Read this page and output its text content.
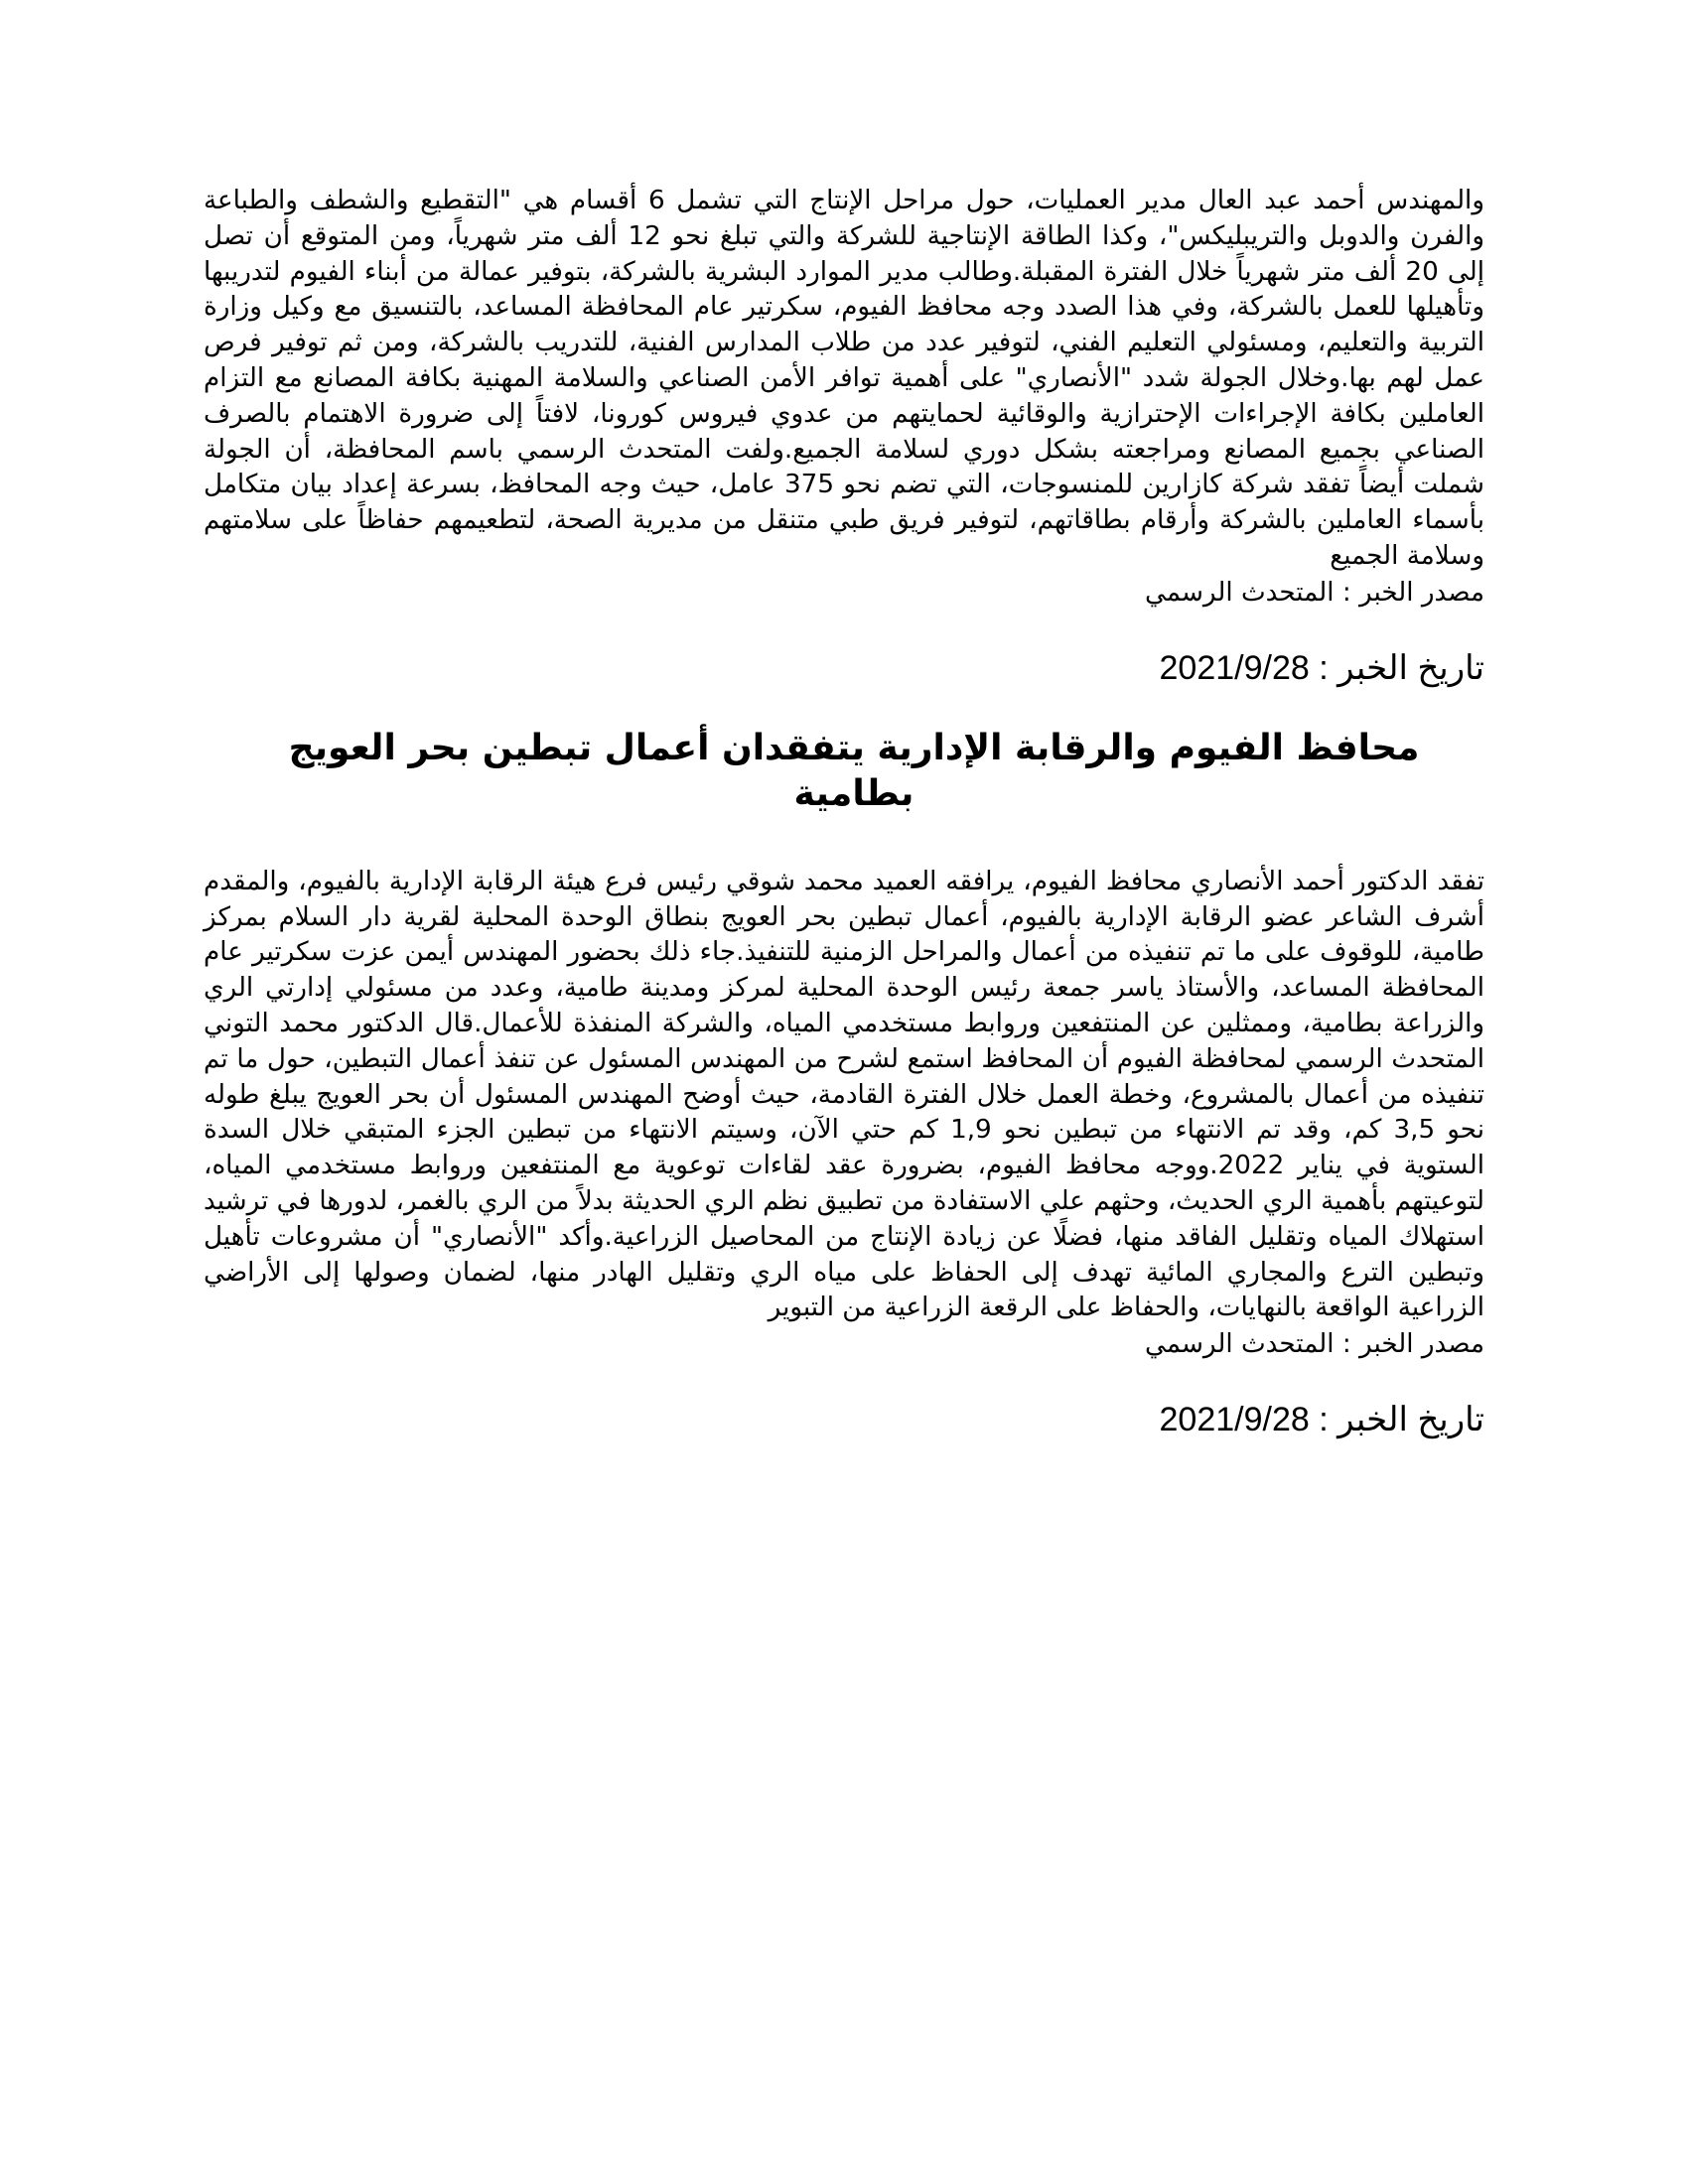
والمهندس أحمد عبد العال مدير العمليات، حول مراحل الإنتاج التي تشمل 6 أقسام هي "التقطيع والشطف والطباعة والفرن والدوبل والتريبليكس"، وكذا الطاقة الإنتاجية للشركة والتي تبلغ نحو 12 ألف متر شهرياً، ومن المتوقع أن تصل إلى 20 ألف متر شهرياً خلال الفترة المقبلة.وطالب مدير الموارد البشرية بالشركة، بتوفير عمالة من أبناء الفيوم لتدريبها وتأهيلها للعمل بالشركة، وفي هذا الصدد وجه محافظ الفيوم، سكرتير عام المحافظة المساعد، بالتنسيق مع وكيل وزارة التربية والتعليم، ومسئولي التعليم الفني، لتوفير عدد من طلاب المدارس الفنية، للتدريب بالشركة، ومن ثم توفير فرص عمل لهم بها.وخلال الجولة شدد "الأنصاري" على أهمية توافر الأمن الصناعي والسلامة المهنية بكافة المصانع مع التزام العاملين بكافة الإجراءات الإحترازية والوقائية لحمايتهم من عدوي فيروس كورونا، لافتاً إلى ضرورة الاهتمام بالصرف الصناعي بجميع المصانع ومراجعته بشكل دوري لسلامة الجميع.ولفت المتحدث الرسمي باسم المحافظة، أن الجولة شملت أيضاً تفقد شركة كازارين للمنسوجات، التي تضم نحو 375 عامل، حيث وجه المحافظ، بسرعة إعداد بيان متكامل بأسماء العاملين بالشركة وأرقام بطاقاتهم، لتوفير فريق طبي متنقل من مديرية الصحة، لتطعيمهم حفاظاً على سلامتهم وسلامة الجميع

مصدر الخبر : المتحدث الرسمي

تاريخ الخبر : 2021/9/28

محافظ الفيوم والرقابة الإدارية يتفقدان أعمال تبطين بحر العويج بطامية

تفقد الدكتور أحمد الأنصاري محافظ الفيوم، يرافقه العميد محمد شوقي رئيس فرع هيئة الرقابة الإدارية بالفيوم، والمقدم أشرف الشاعر عضو الرقابة الإدارية بالفيوم، أعمال تبطين بحر العويج بنطاق الوحدة المحلية لقرية دار السلام بمركز طامية، للوقوف على ما تم تنفيذه من أعمال والمراحل الزمنية للتنفيذ.جاء ذلك بحضور المهندس أيمن عزت سكرتير عام المحافظة المساعد، والأستاذ ياسر جمعة رئيس الوحدة المحلية لمركز ومدينة طامية، وعدد من مسئولي إدارتي الري والزراعة بطامية، وممثلين عن المنتفعين وروابط مستخدمي المياه، والشركة المنفذة للأعمال.قال الدكتور محمد التوني المتحدث الرسمي لمحافظة الفيوم أن المحافظ استمع لشرح من المهندس المسئول عن تنفذ أعمال التبطين، حول ما تم تنفيذه من أعمال بالمشروع، وخطة العمل خلال الفترة القادمة، حيث أوضح المهندس المسئول أن بحر العويج يبلغ طوله نحو 3,5 كم، وقد تم الانتهاء من تبطين نحو 1,9 كم حتي الآن، وسيتم الانتهاء من تبطين الجزء المتبقي خلال السدة الستوية في يناير 2022.ووجه محافظ الفيوم، بضرورة عقد لقاءات توعوية مع المنتفعين وروابط مستخدمي المياه، لتوعيتهم بأهمية الري الحديث، وحثهم علي الاستفادة من تطبيق نظم الري الحديثة بدلاً من الري بالغمر، لدورها في ترشيد استهلاك المياه وتقليل الفاقد منها، فضلًا عن زيادة الإنتاج من المحاصيل الزراعية.وأكد "الأنصاري" أن مشروعات تأهيل وتبطين الترع والمجاري المائية تهدف إلى الحفاظ على مياه الري وتقليل الهادر منها، لضمان وصولها إلى الأراضي الزراعية الواقعة بالنهايات، والحفاظ على الرقعة الزراعية من التبوير

مصدر الخبر : المتحدث الرسمي

تاريخ الخبر : 2021/9/28
